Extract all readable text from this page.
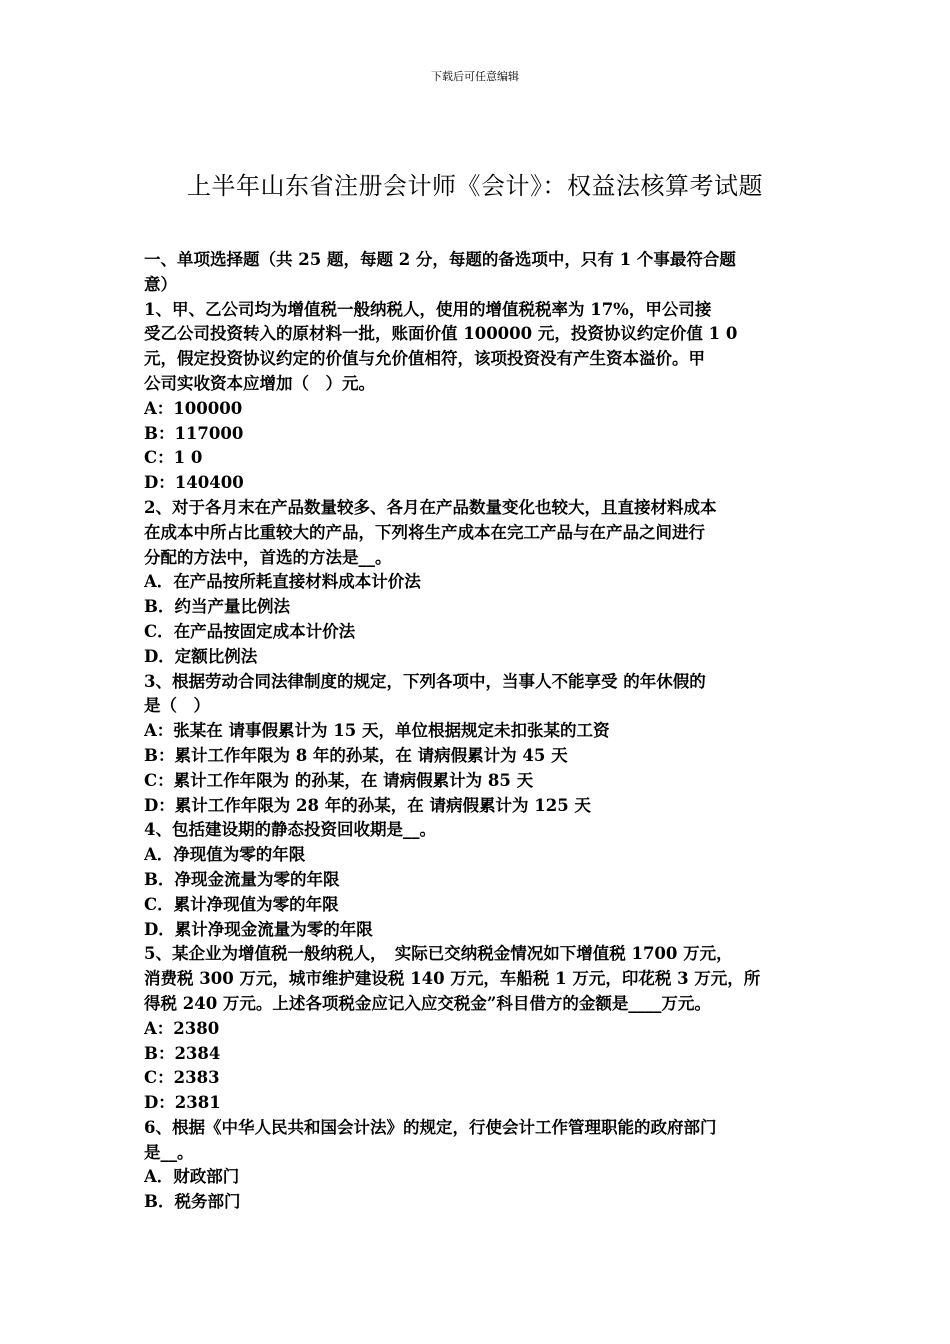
下载后可任意编辑
上半年山东省注册会计师《会计》：权益法核算考试题
一、单项选择题（共 25 题，每题 2 分，每题的备选项中，只有 1 个事最符合题
意）
1、甲、乙公司均为增值税一般纳税人，使用的增值税税率为 17%，甲公司接
受乙公司投资转入的原材料一批，账面价值 100000 元，投资协议约定价值 1 0
元，假定投资协议约定的价值与允价值相符，该项投资没有产生资本溢价。甲
公司实收资本应增加（　）元。
A：100000
B：117000
C：1 0
D：140400
2、对于各月末在产品数量较多、各月在产品数量变化也较大，且直接材料成本
在成本中所占比重较大的产品，下列将生产成本在完工产品与在产品之间进行
分配的方法中，首选的方法是__。
A．在产品按所耗直接材料成本计价法
B．约当产量比例法
C．在产品按固定成本计价法
D．定额比例法
3、根据劳动合同法律制度的规定，下列各项中，当事人不能享受 的年休假的
是（　）
A：张某在 请事假累计为 15 天，单位根据规定未扣张某的工资
B：累计工作年限为 8 年的孙某，在 请病假累计为 45 天
C：累计工作年限为 的孙某，在 请病假累计为 85 天
D：累计工作年限为 28 年的孙某，在 请病假累计为 125 天
4、包括建设期的静态投资回收期是__。
A．净现值为零的年限
B．净现金流量为零的年限
C．累计净现值为零的年限
D．累计净现金流量为零的年限
5、某企业为增值税一般纳税人，　实际已交纳税金情况如下增值税 1700 万元，
消费税 300 万元，城市维护建设税 140 万元，车船税 1 万元，印花税 3 万元，所
得税 240 万元。上述各项税金应记入应交税金”科目借方的金额是____万元。
A：2380
B：2384
C：2383
D：2381
6、根据《中华人民共和国会计法》的规定，行使会计工作管理职能的政府部门
是__。
A．财政部门
B．税务部门
